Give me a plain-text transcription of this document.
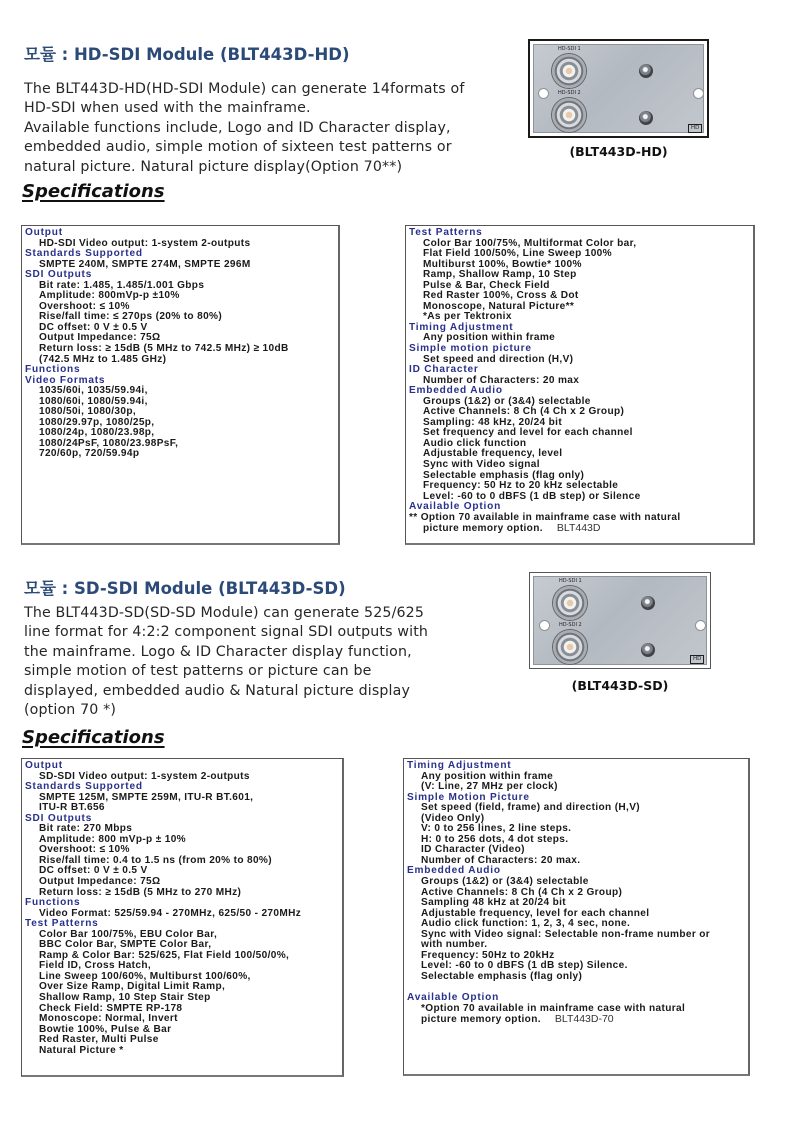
모듈 : HD-SDI Module (BLT443D-HD)
The BLT443D-HD(HD-SDI Module) can generate 14formats of
HD-SDI when used with the mainframe.
Available functions include, Logo and ID Character display,
embedded audio, simple motion of sixteen test patterns or
natural picture. Natural picture display(Option 70**)
Specifications
HD-SDI 1
HD-SDI 2
HD
(BLT443D-HD)
Output
HD-SDI Video output: 1-system 2-outputs
Standards Supported
SMPTE 240M, SMPTE 274M, SMPTE 296M
SDI Outputs
Bit rate: 1.485, 1.485/1.001 Gbps
Amplitude: 800mVp-p ±10%
Overshoot: ≤ 10%
Rise/fall time: ≤ 270ps (20% to 80%)
DC offset: 0 V ± 0.5 V
Output Impedance: 75Ω
Return loss: ≥ 15dB (5 MHz to 742.5 MHz) ≥ 10dB
(742.5 MHz to 1.485 GHz)
Functions
Video Formats
1035/60i, 1035/59.94i,
1080/60i, 1080/59.94i,
1080/50i, 1080/30p,
1080/29.97p, 1080/25p,
1080/24p, 1080/23.98p,
1080/24PsF, 1080/23.98PsF,
720/60p, 720/59.94p
Test Patterns
Color Bar 100/75%, Multiformat Color bar,
Flat Field 100/50%, Line Sweep 100%
Multiburst 100%, Bowtie* 100%
Ramp, Shallow Ramp, 10 Step
Pulse & Bar, Check Field
Red Raster 100%, Cross & Dot
Monoscope, Natural Picture**
*As per Tektronix
Timing Adjustment
Any position within frame
Simple motion picture
Set speed and direction (H,V)
ID Character
Number of Characters: 20 max
Embedded Audio
Groups (1&2) or (3&4) selectable
Active Channels: 8 Ch (4 Ch x 2 Group)
Sampling: 48 kHz, 20/24 bit
Set frequency and level for each channel
Audio click function
Adjustable frequency, level
Sync with Video signal
Selectable emphasis (flag only)
Frequency: 50 Hz to 20 kHz selectable
Level: -60 to 0 dBFS (1 dB step) or Silence
Available Option
** Option 70 available in mainframe case with natural
picture memory option. BLT443D
모듈 : SD-SDI Module (BLT443D-SD)
The BLT443D-SD(SD-SD Module) can generate 525/625
line format for 4:2:2 component signal SDI outputs with
the mainframe. Logo & ID Character display function,
simple motion of test patterns or picture can be
displayed, embedded audio & Natural picture display
(option 70 *)
Specifications
HD-SDI 1
HD-SDI 2
HD
(BLT443D-SD)
Output
SD-SDI Video output: 1-system 2-outputs
Standards Supported
SMPTE 125M, SMPTE 259M, ITU-R BT.601,
ITU-R BT.656
SDI Outputs
Bit rate: 270 Mbps
Amplitude: 800 mVp-p ± 10%
Overshoot: ≤ 10%
Rise/fall time: 0.4 to 1.5 ns (from 20% to 80%)
DC offset: 0 V ± 0.5 V
Output Impedance: 75Ω
Return loss: ≥ 15dB (5 MHz to 270 MHz)
Functions
Video Format: 525/59.94 - 270MHz, 625/50 - 270MHz
Test Patterns
Color Bar 100/75%, EBU Color Bar,
BBC Color Bar, SMPTE Color Bar,
Ramp & Color Bar: 525/625, Flat Field 100/50/0%,
Field ID, Cross Hatch,
Line Sweep 100/60%, Multiburst 100/60%,
Over Size Ramp, Digital Limit Ramp,
Shallow Ramp, 10 Step Stair Step
Check Field: SMPTE RP-178
Monoscope: Normal, Invert
Bowtie 100%, Pulse & Bar
Red Raster, Multi Pulse
Natural Picture *
Timing Adjustment
Any position within frame
(V: Line, 27 MHz per clock)
Simple Motion Picture
Set speed (field, frame) and direction (H,V)
(Video Only)
V: 0 to 256 lines, 2 line steps.
H: 0 to 256 dots, 4 dot steps.
ID Character (Video)
Number of Characters: 20 max.
Embedded Audio
Groups (1&2) or (3&4) selectable
Active Channels: 8 Ch (4 Ch x 2 Group)
Sampling 48 kHz at 20/24 bit
Adjustable frequency, level for each channel
Audio click function: 1, 2, 3, 4 sec, none.
Sync with Video signal: Selectable non-frame number or
with number.
Frequency: 50Hz to 20kHz
Level: -60 to 0 dBFS (1 dB step) Silence.
Selectable emphasis (flag only)
Available Option
*Option 70 available in mainframe case with natural
picture memory option. BLT443D-70
